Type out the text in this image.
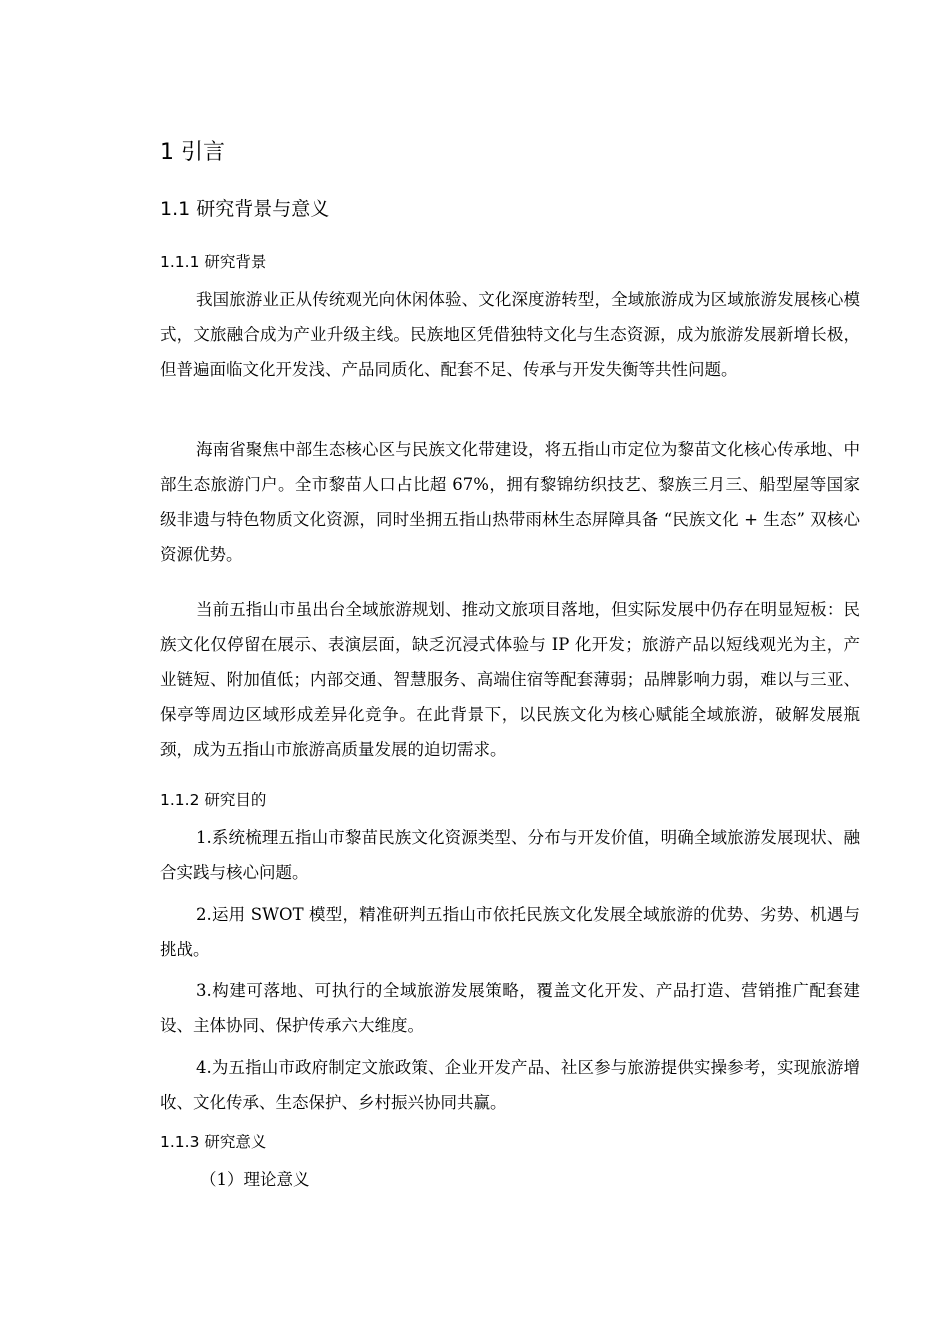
1 引言
1.1 研究背景与意义
1.1.1 研究背景

我国旅游业正从传统观光向休闲体验、文化深度游转型，全域旅游成为区域旅游发展核心模式，文旅融合成为产业升级主线。民族地区凭借独特文化与生态资源，成为旅游发展新增长极，但普遍面临文化开发浅、产品同质化、配套不足、传承与开发失衡等共性问题。

海南省聚焦中部生态核心区与民族文化带建设，将五指山市定位为黎苗文化核心传承地、中部生态旅游门户。全市黎苗人口占比超 67%，拥有黎锦纺织技艺、黎族三月三、船型屋等国家级非遗与特色物质文化资源，同时坐拥五指山热带雨林生态屏障具备 “民族文化 + 生态” 双核心资源优势。

当前五指山市虽出台全域旅游规划、推动文旅项目落地，但实际发展中仍存在明显短板：民族文化仅停留在展示、表演层面，缺乏沉浸式体验与 IP 化开发；旅游产品以短线观光为主，产业链短、附加值低；内部交通、智慧服务、高端住宿等配套薄弱；品牌影响力弱，难以与三亚、保亭等周边区域形成差异化竞争。在此背景下，以民族文化为核心赋能全域旅游，破解发展瓶颈，成为五指山市旅游高质量发展的迫切需求。

1.1.2 研究目的

1.系统梳理五指山市黎苗民族文化资源类型、分布与开发价值，明确全域旅游发展现状、融合实践与核心问题。

2.运用 SWOT 模型，精准研判五指山市依托民族文化发展全域旅游的优势、劣势、机遇与挑战。

3.构建可落地、可执行的全域旅游发展策略，覆盖文化开发、产品打造、营销推广配套建设、主体协同、保护传承六大维度。

4.为五指山市政府制定文旅政策、企业开发产品、社区参与旅游提供实操参考，实现旅游增收、文化传承、生态保护、乡村振兴协同共赢。

1.1.3 研究意义
（1）理论意义
